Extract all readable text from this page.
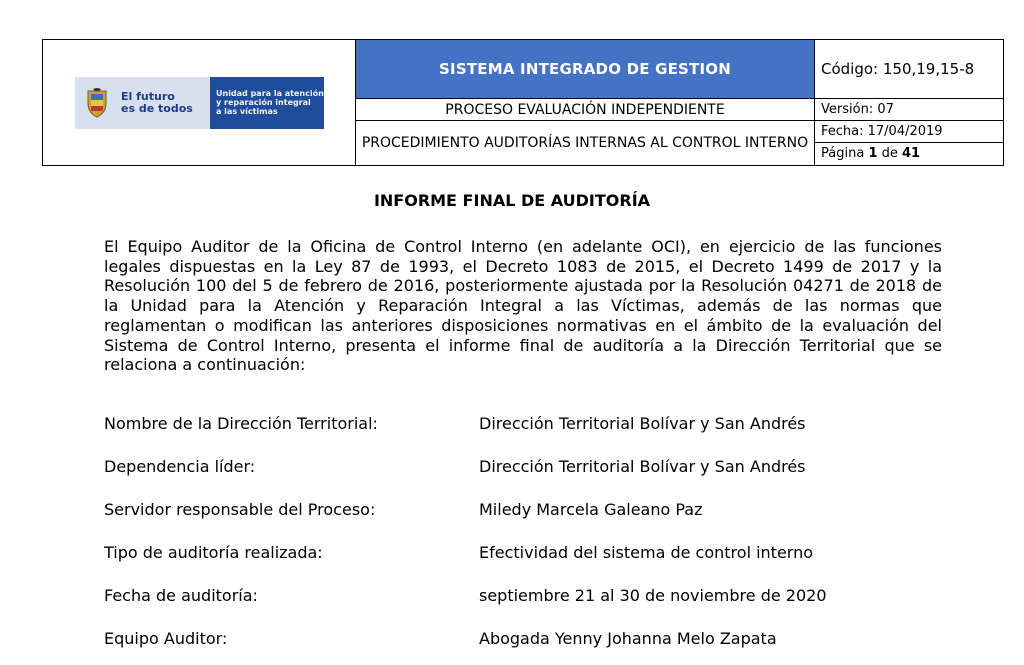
El futuro
es de todos
Unidad para la atención
y reparación integral
a las víctimas	SISTEMA INTEGRADO DE GESTION	Código: 150,19,15-8
	PROCESO EVALUACIÓN INDEPENDIENTE	Versión: 07
	PROCEDIMIENTO AUDITORÍAS INTERNAS AL CONTROL INTERNO	Fecha: 17/04/2019
Página 1 de 41
INFORME FINAL DE AUDITORÍA
El Equipo Auditor de la Oficina de Control Interno (en adelante OCI), en ejercicio de las funciones legales dispuestas en la Ley 87 de 1993, el Decreto 1083 de 2015, el Decreto 1499 de 2017 y la Resolución 100 del 5 de febrero de 2016, posteriormente ajustada por la Resolución 04271 de 2018 de la Unidad para la Atención y Reparación Integral a las Víctimas, además de las normas que reglamentan o modifican las anteriores disposiciones normativas en el ámbito de la evaluación del Sistema de Control Interno, presenta el informe final de auditoría a la Dirección Territorial que se relaciona a continuación:
Nombre de la Dirección Territorial:	Dirección Territorial Bolívar y San Andrés
Dependencia líder:	Dirección Territorial Bolívar y San Andrés
Servidor responsable del Proceso:	Miledy Marcela Galeano Paz
Tipo de auditoría realizada:	Efectividad del sistema de control interno
Fecha de auditoría:	septiembre 21 al 30 de noviembre de 2020
Equipo Auditor:	Abogada Yenny Johanna Melo Zapata
